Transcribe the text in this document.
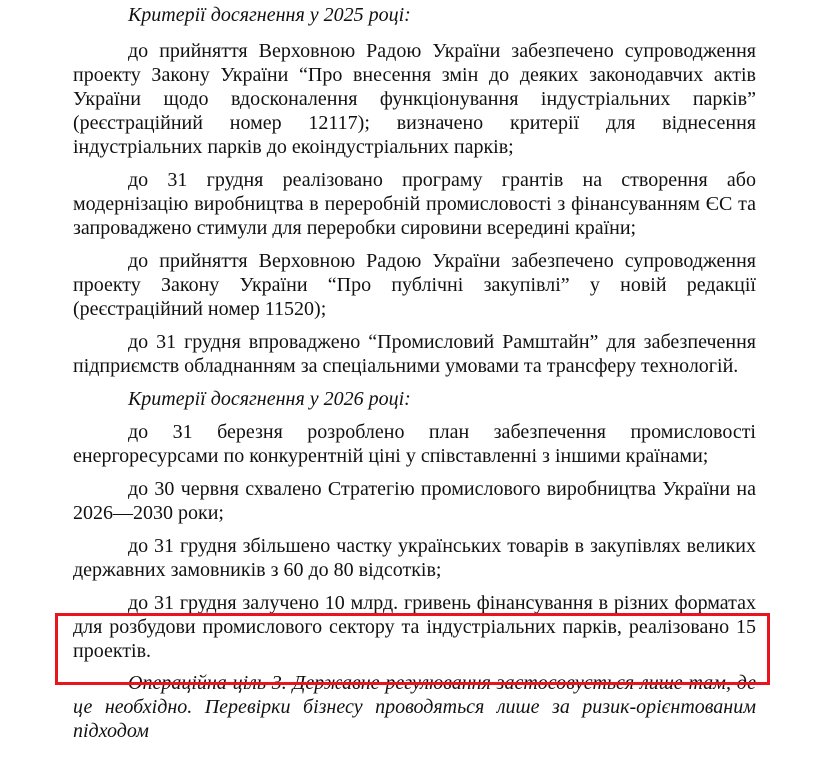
Критерії досягнення у 2025 році:

до прийняття Верховною Радою України забезпечено супроводження проекту Закону України “Про внесення змін до деяких законодавчих актів України щодо вдосконалення функціонування індустріальних парків” (реєстраційний номер 12117); визначено критерії для віднесення індустріальних парків до екоіндустріальних парків;

до 31 грудня реалізовано програму грантів на створення або модернізацію виробництва в переробній промисловості з фінансуванням ЄС та запроваджено стимули для переробки сировини всередині країни;

до прийняття Верховною Радою України забезпечено супроводження проекту Закону України “Про публічні закупівлі” у новій редакції (реєстраційний номер 11520);

до 31 грудня впроваджено “Промисловий Рамштайн” для забезпечення підприємств обладнанням за спеціальними умовами та трансферу технологій.

Критерії досягнення у 2026 році:

до 31 березня розроблено план забезпечення промисловості енергоресурсами по конкурентній ціні у співставленні з іншими країнами;

до 30 червня схвалено Стратегію промислового виробництва України на 2026—2030 роки;

до 31 грудня збільшено частку українських товарів в закупівлях великих державних замовників з 60 до 80 відсотків;

до 31 грудня залучено 10 млрд. гривень фінансування в різних форматах для розбудови промислового сектору та індустріальних парків, реалізовано 15 проектів.

Операційна ціль 3. Державне регулювання застосовується лише там, де це необхідно. Перевірки бізнесу проводяться лише за ризик-орієнтованим підходом
